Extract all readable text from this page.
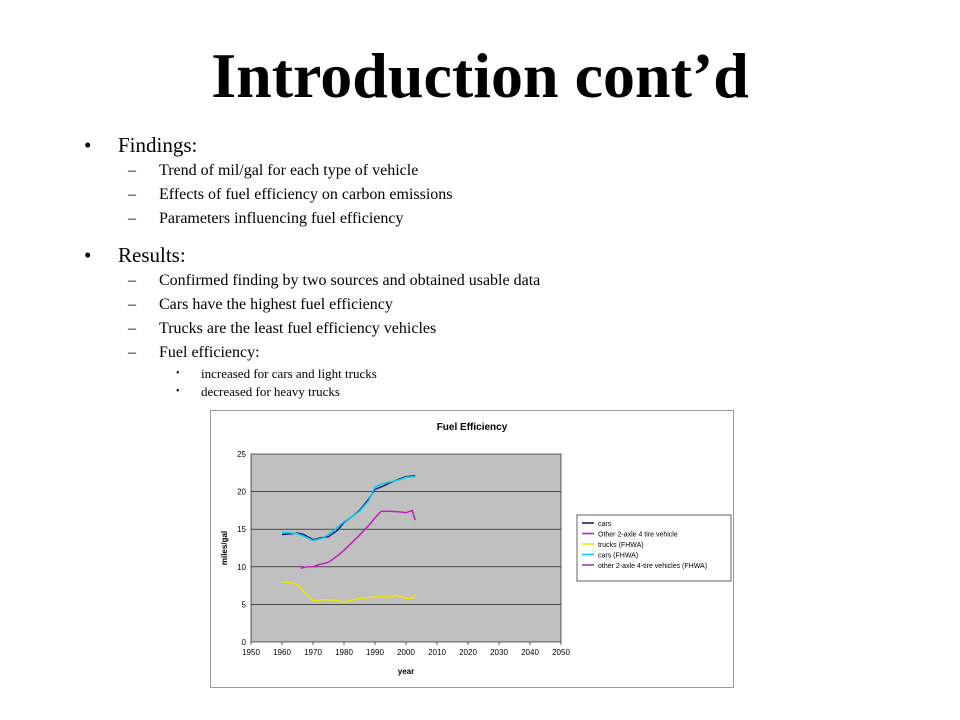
Introduction cont’d
• Findings:
– Trend of mil/gal for each type of vehicle
– Effects of fuel efficiency on carbon emissions
– Parameters influencing fuel efficiency
• Results:
– Confirmed finding by two sources and obtained usable data
– Cars have the highest fuel efficiency
– Trucks are the least fuel efficiency vehicles
– Fuel efficiency:
• increased for cars and light trucks
• decreased for heavy trucks
Fuel Efficiency
1950 1960 1970 1980 1990 2000 2010 2020 2030 2040 2050
0
5
10
15
20
25
year
miles/gal
cars
Other 2-axle 4 tire vehicle
trucks (FHWA)
cars (FHWA)
other 2-axle 4-tire vehicles (FHWA)
